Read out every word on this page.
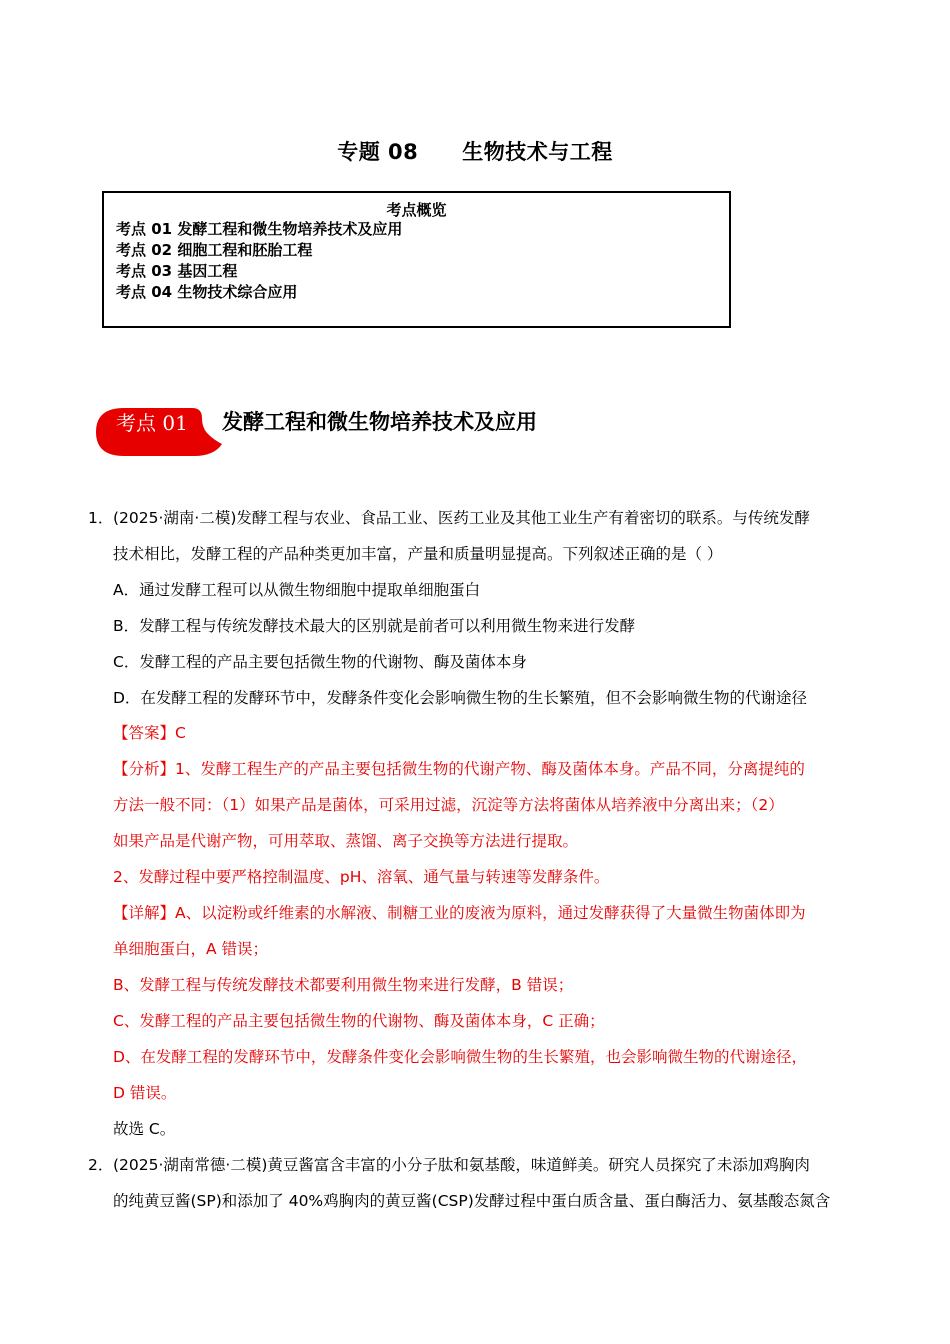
专题 08 生物技术与工程
考点概览
考点 01 发酵工程和微生物培养技术及应用
考点 02 细胞工程和胚胎工程
考点 03 基因工程
考点 04 生物技术综合应用
考点 01 发酵工程和微生物培养技术及应用
1． (2025·湖南·二模)发酵工程与农业、食品工业、医药工业及其他工业生产有着密切的联系。与传统发酵
技术相比，发酵工程的产品种类更加丰富，产量和质量明显提高。下列叙述正确的是（ ）
A．通过发酵工程可以从微生物细胞中提取单细胞蛋白
B．发酵工程与传统发酵技术最大的区别就是前者可以利用微生物来进行发酵
C．发酵工程的产品主要包括微生物的代谢物、酶及菌体本身
D．在发酵工程的发酵环节中，发酵条件变化会影响微生物的生长繁殖，但不会影响微生物的代谢途径
【答案】C
【分析】1、发酵工程生产的产品主要包括微生物的代谢产物、酶及菌体本身。产品不同，分离提纯的
方法一般不同：（1）如果产品是菌体，可采用过滤，沉淀等方法将菌体从培养液中分离出来；（2）
如果产品是代谢产物，可用萃取、蒸馏、离子交换等方法进行提取。
2、发酵过程中要严格控制温度、pH、溶氧、通气量与转速等发酵条件。
【详解】A、以淀粉或纤维素的水解液、制糖工业的废液为原料，通过发酵获得了大量微生物菌体即为
单细胞蛋白，A 错误；
B、发酵工程与传统发酵技术都要利用微生物来进行发酵，B 错误；
C、发酵工程的产品主要包括微生物的代谢物、酶及菌体本身，C 正确；
D、在发酵工程的发酵环节中，发酵条件变化会影响微生物的生长繁殖，也会影响微生物的代谢途径，
D 错误。
故选 C。
2． (2025·湖南常德·二模)黄豆酱富含丰富的小分子肽和氨基酸，味道鲜美。研究人员探究了未添加鸡胸肉
的纯黄豆酱(SP)和添加了 40%鸡胸肉的黄豆酱(CSP)发酵过程中蛋白质含量、蛋白酶活力、氨基酸态氮含
